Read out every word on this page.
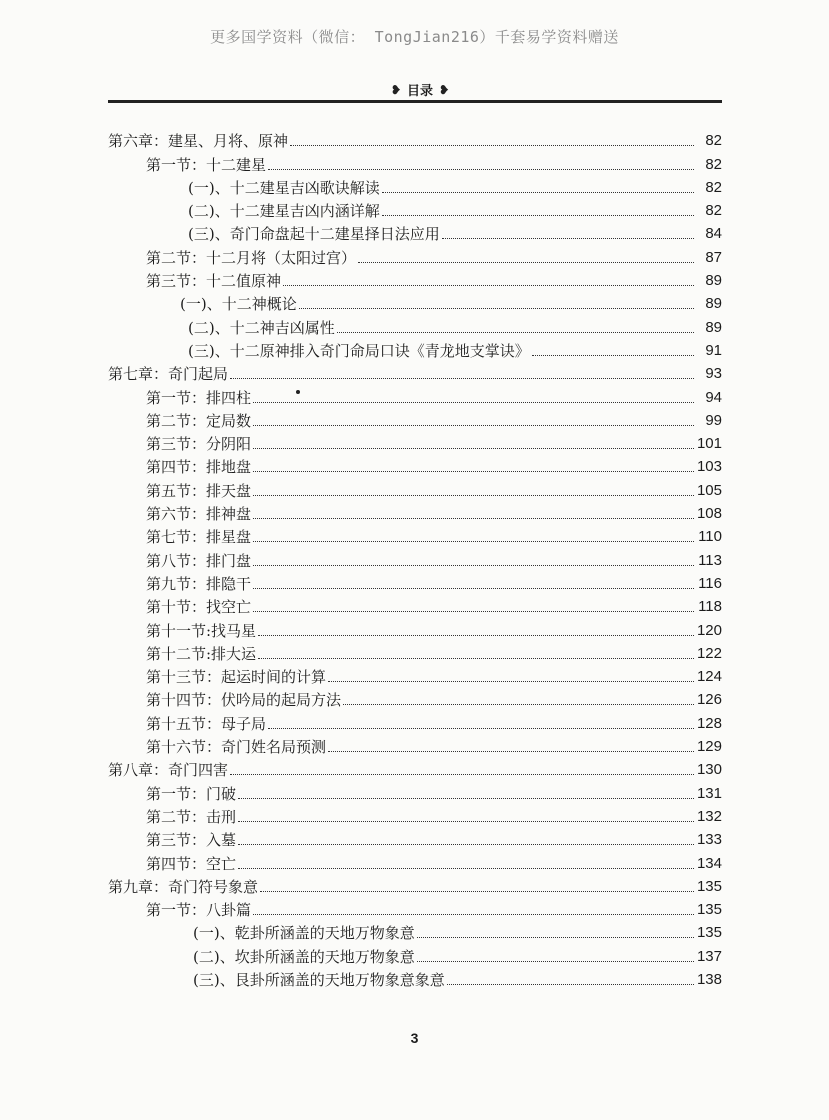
更多国学资料（微信： TongJian216）千套易学资料赠送
❥ 目录 ❥
第六章：建星、月将、原神	82
第一节：十二建星	82
(一)、十二建星吉凶歌诀解读	82
(二)、十二建星吉凶内涵详解	82
(三)、奇门命盘起十二建星择日法应用	84
第二节：十二月将（太阳过宫）	87
第三节：十二值原神	89
(一)、十二神概论	89
(二)、十二神吉凶属性	89
(三)、十二原神排入奇门命局口诀《青龙地支掌诀》	91
第七章：奇门起局	93
第一节：排四柱	94
第二节：定局数	99
第三节：分阴阳	101
第四节：排地盘	103
第五节：排天盘	105
第六节：排神盘	108
第七节：排星盘	110
第八节：排门盘	113
第九节：排隐干	116
第十节：找空亡	118
第十一节:找马星	120
第十二节:排大运	122
第十三节：起运时间的计算	124
第十四节：伏吟局的起局方法	126
第十五节：母子局	128
第十六节：奇门姓名局预测	129
第八章：奇门四害	130
第一节：门破	131
第二节：击刑	132
第三节：入墓	133
第四节：空亡	134
第九章：奇门符号象意	135
第一节：八卦篇	135
(一)、乾卦所涵盖的天地万物象意	135
(二)、坎卦所涵盖的天地万物象意	137
(三)、艮卦所涵盖的天地万物象意象意	138
3
